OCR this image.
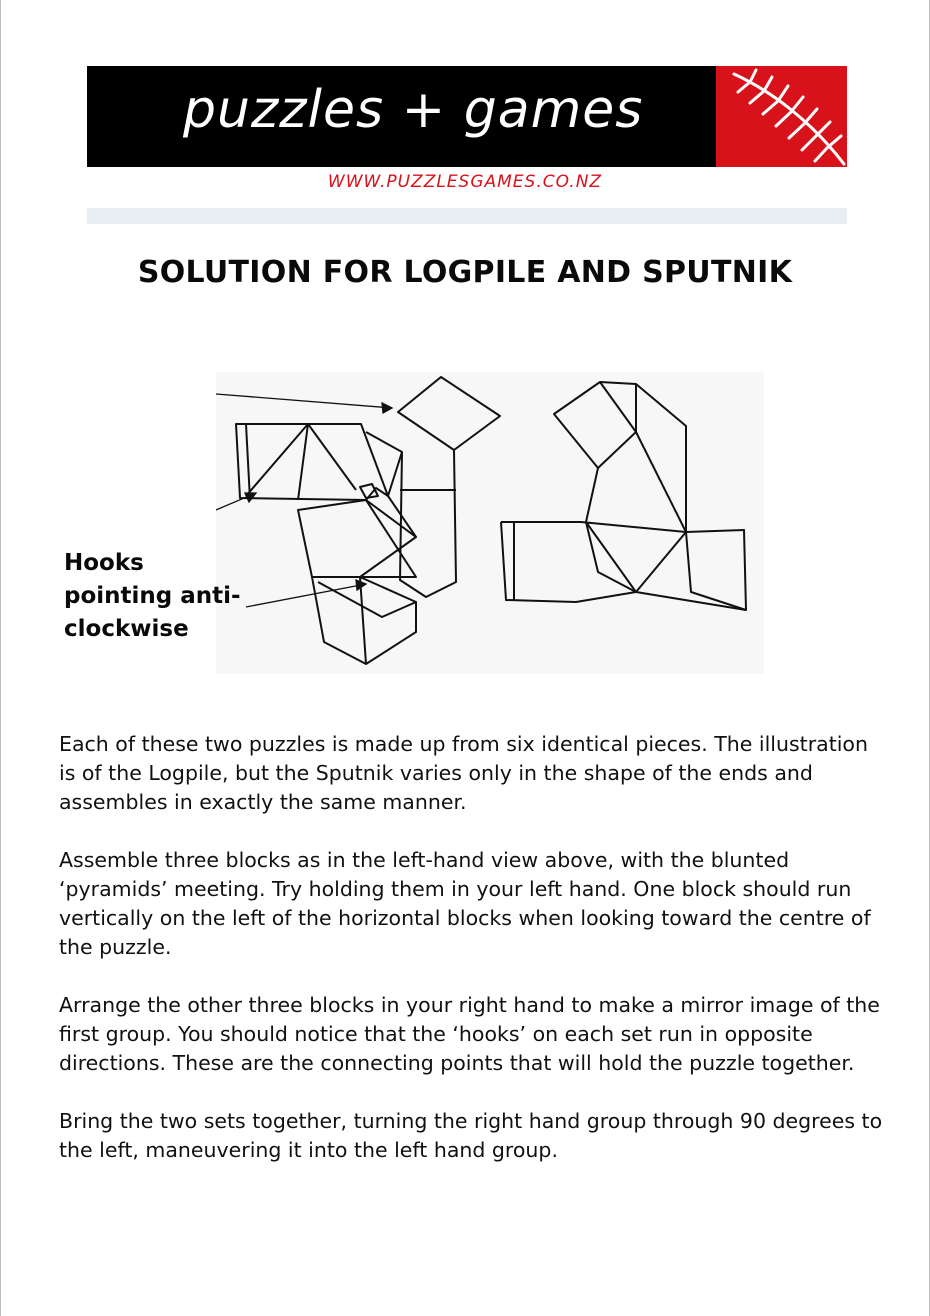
puzzles + games
WWW.PUZZLESGAMES.CO.NZ
SOLUTION FOR LOGPILE AND SPUTNIK
Hooks
pointing anti-
clockwise

Each of these two puzzles is made up from six identical pieces. The illustration is of the Logpile, but the Sputnik varies only in the shape of the ends and assembles in exactly the same manner.

Assemble three blocks as in the left-hand view above, with the blunted ‘pyramids’ meeting. Try holding them in your left hand. One block should run vertically on the left of the horizontal blocks when looking toward the centre of the puzzle.

Arrange the other three blocks in your right hand to make a mirror image of the first group. You should notice that the ‘hooks’ on each set run in opposite directions. These are the connecting points that will hold the puzzle together.

Bring the two sets together, turning the right hand group through 90 degrees to the left, maneuvering it into the left hand group.
